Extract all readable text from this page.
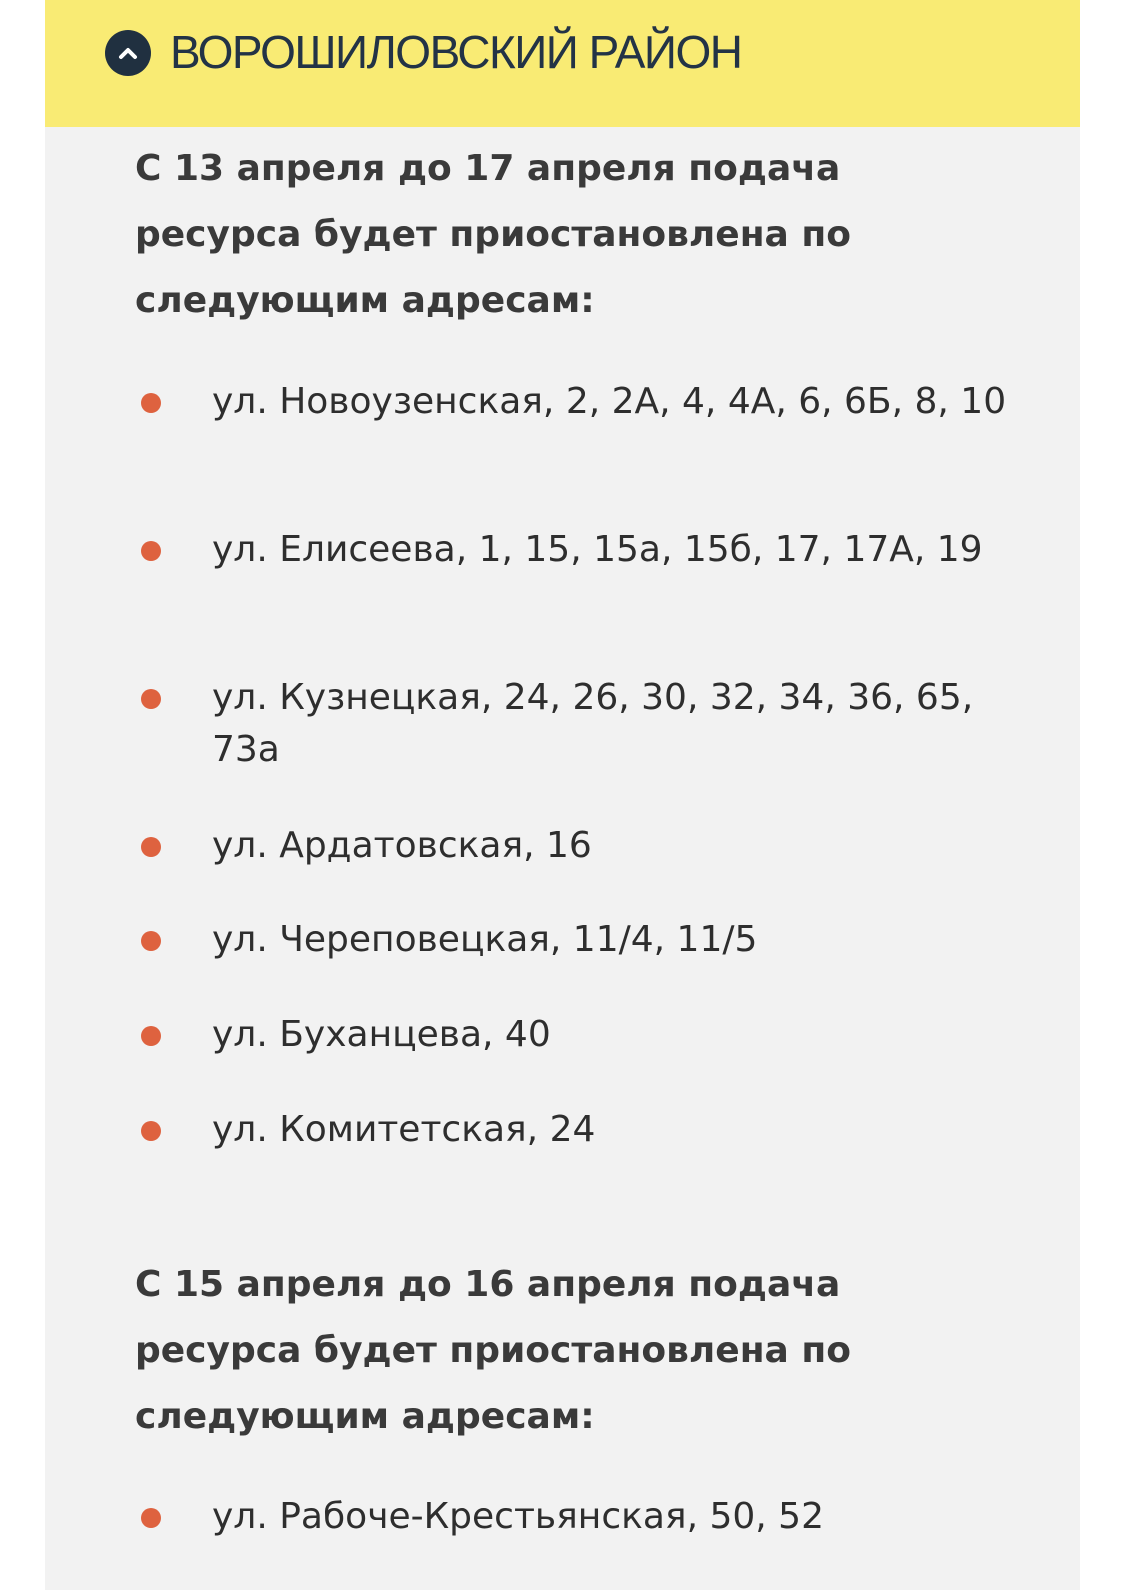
ВОРОШИЛОВСКИЙ РАЙОН

С 13 апреля до 17 апреля подача ресурса будет приостановлена по следующим адресам:

ул. Новоузенская, 2, 2А, 4, 4А, 6, 6Б, 8, 10
ул. Елисеева, 1, 15, 15а, 15б, 17, 17А, 19
ул. Кузнецкая, 24, 26, 30, 32, 34, 36, 65, 73а
ул. Ардатовская, 16
ул. Череповецкая, 11/4, 11/5
ул. Буханцева, 40
ул. Комитетская, 24

С 15 апреля до 16 апреля подача ресурса будет приостановлена по следующим адресам:

ул. Рабоче-Крестьянская, 50, 52
